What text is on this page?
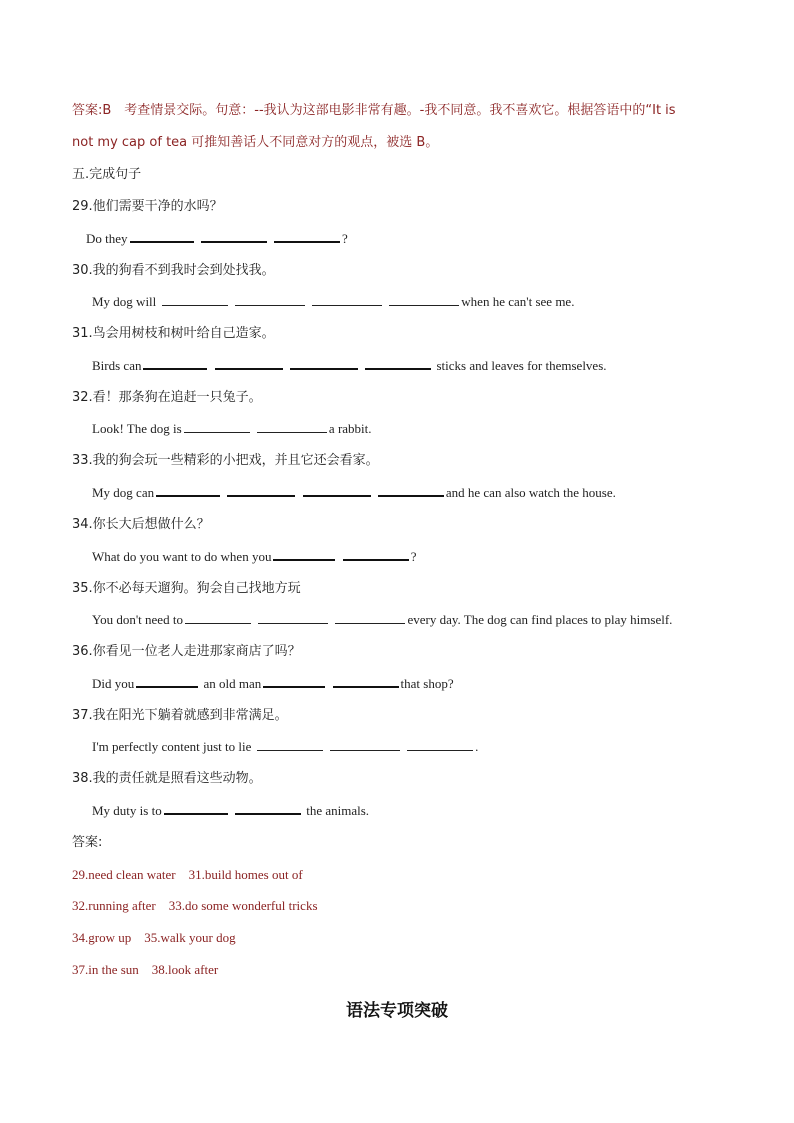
答案:B　考查情景交际。句意：--我认为这部电影非常有趣。-我不同意。我不喜欢它。根据答语中的“It is
not my cap of tea 可推知善话人不同意对方的观点，被选 B。
五.完成句子
29.他们需要干净的水吗？
Do they	?
30.我的狗看不到我时会到处找我。
My dog will	when he can't see me.
31.鸟会用树枝和树叶给自己造家。
Birds can	sticks and leaves for themselves.
32.看！那条狗在追赶一只兔子。
Look! The dog is	a rabbit.
33.我的狗会玩一些精彩的小把戏，并且它还会看家。
My dog can	and he can also watch the house.
34.你长大后想做什么？
What do you want to do when you	?
35.你不必每天遛狗。狗会自己找地方玩
You don't need to	every day. The dog can find places to play himself.
36.你看见一位老人走进那家商店了吗？
Did you	an old man	that shop?
37.我在阳光下躺着就感到非常满足。
I'm perfectly content just to lie	.
38.我的责任就是照看这些动物。
My duty is to	the animals.
答案:
29.need clean water　31.build homes out of
32.running after　33.do some wonderful tricks
34.grow up　35.walk your dog
37.in the sun　38.look after
语法专项突破
